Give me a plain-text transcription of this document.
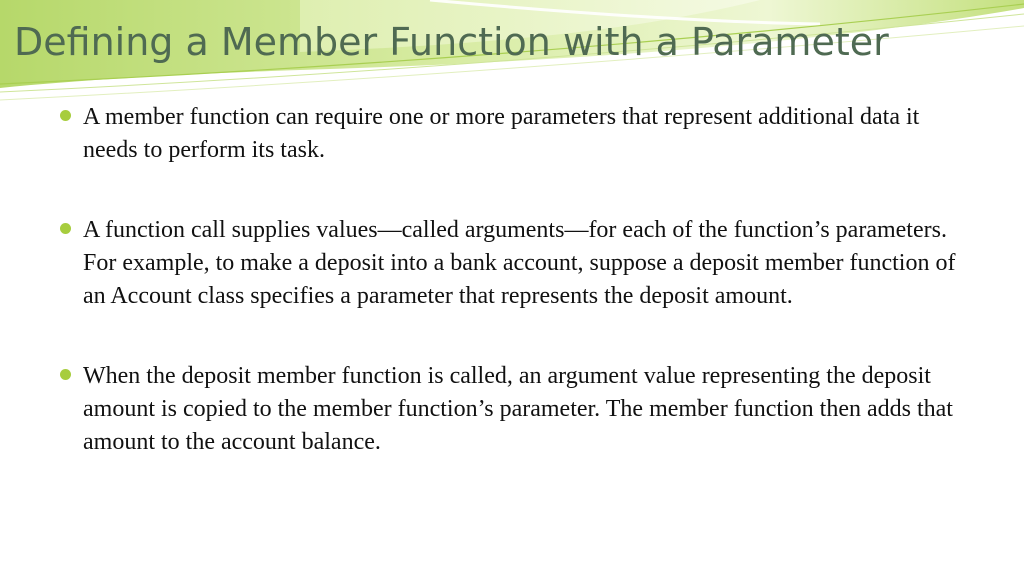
Defining a Member Function with a Parameter
A member function can require one or more parameters that represent additional data it needs to perform its task.
A function call supplies values—called arguments—for each of the function’s parameters. For example, to make a deposit into a bank account, suppose a deposit member function of an Account class specifies a parameter that represents the deposit amount.
When the deposit member function is called, an argument value representing the deposit amount is copied to the member function’s parameter. The member function then adds that amount to the account balance.
